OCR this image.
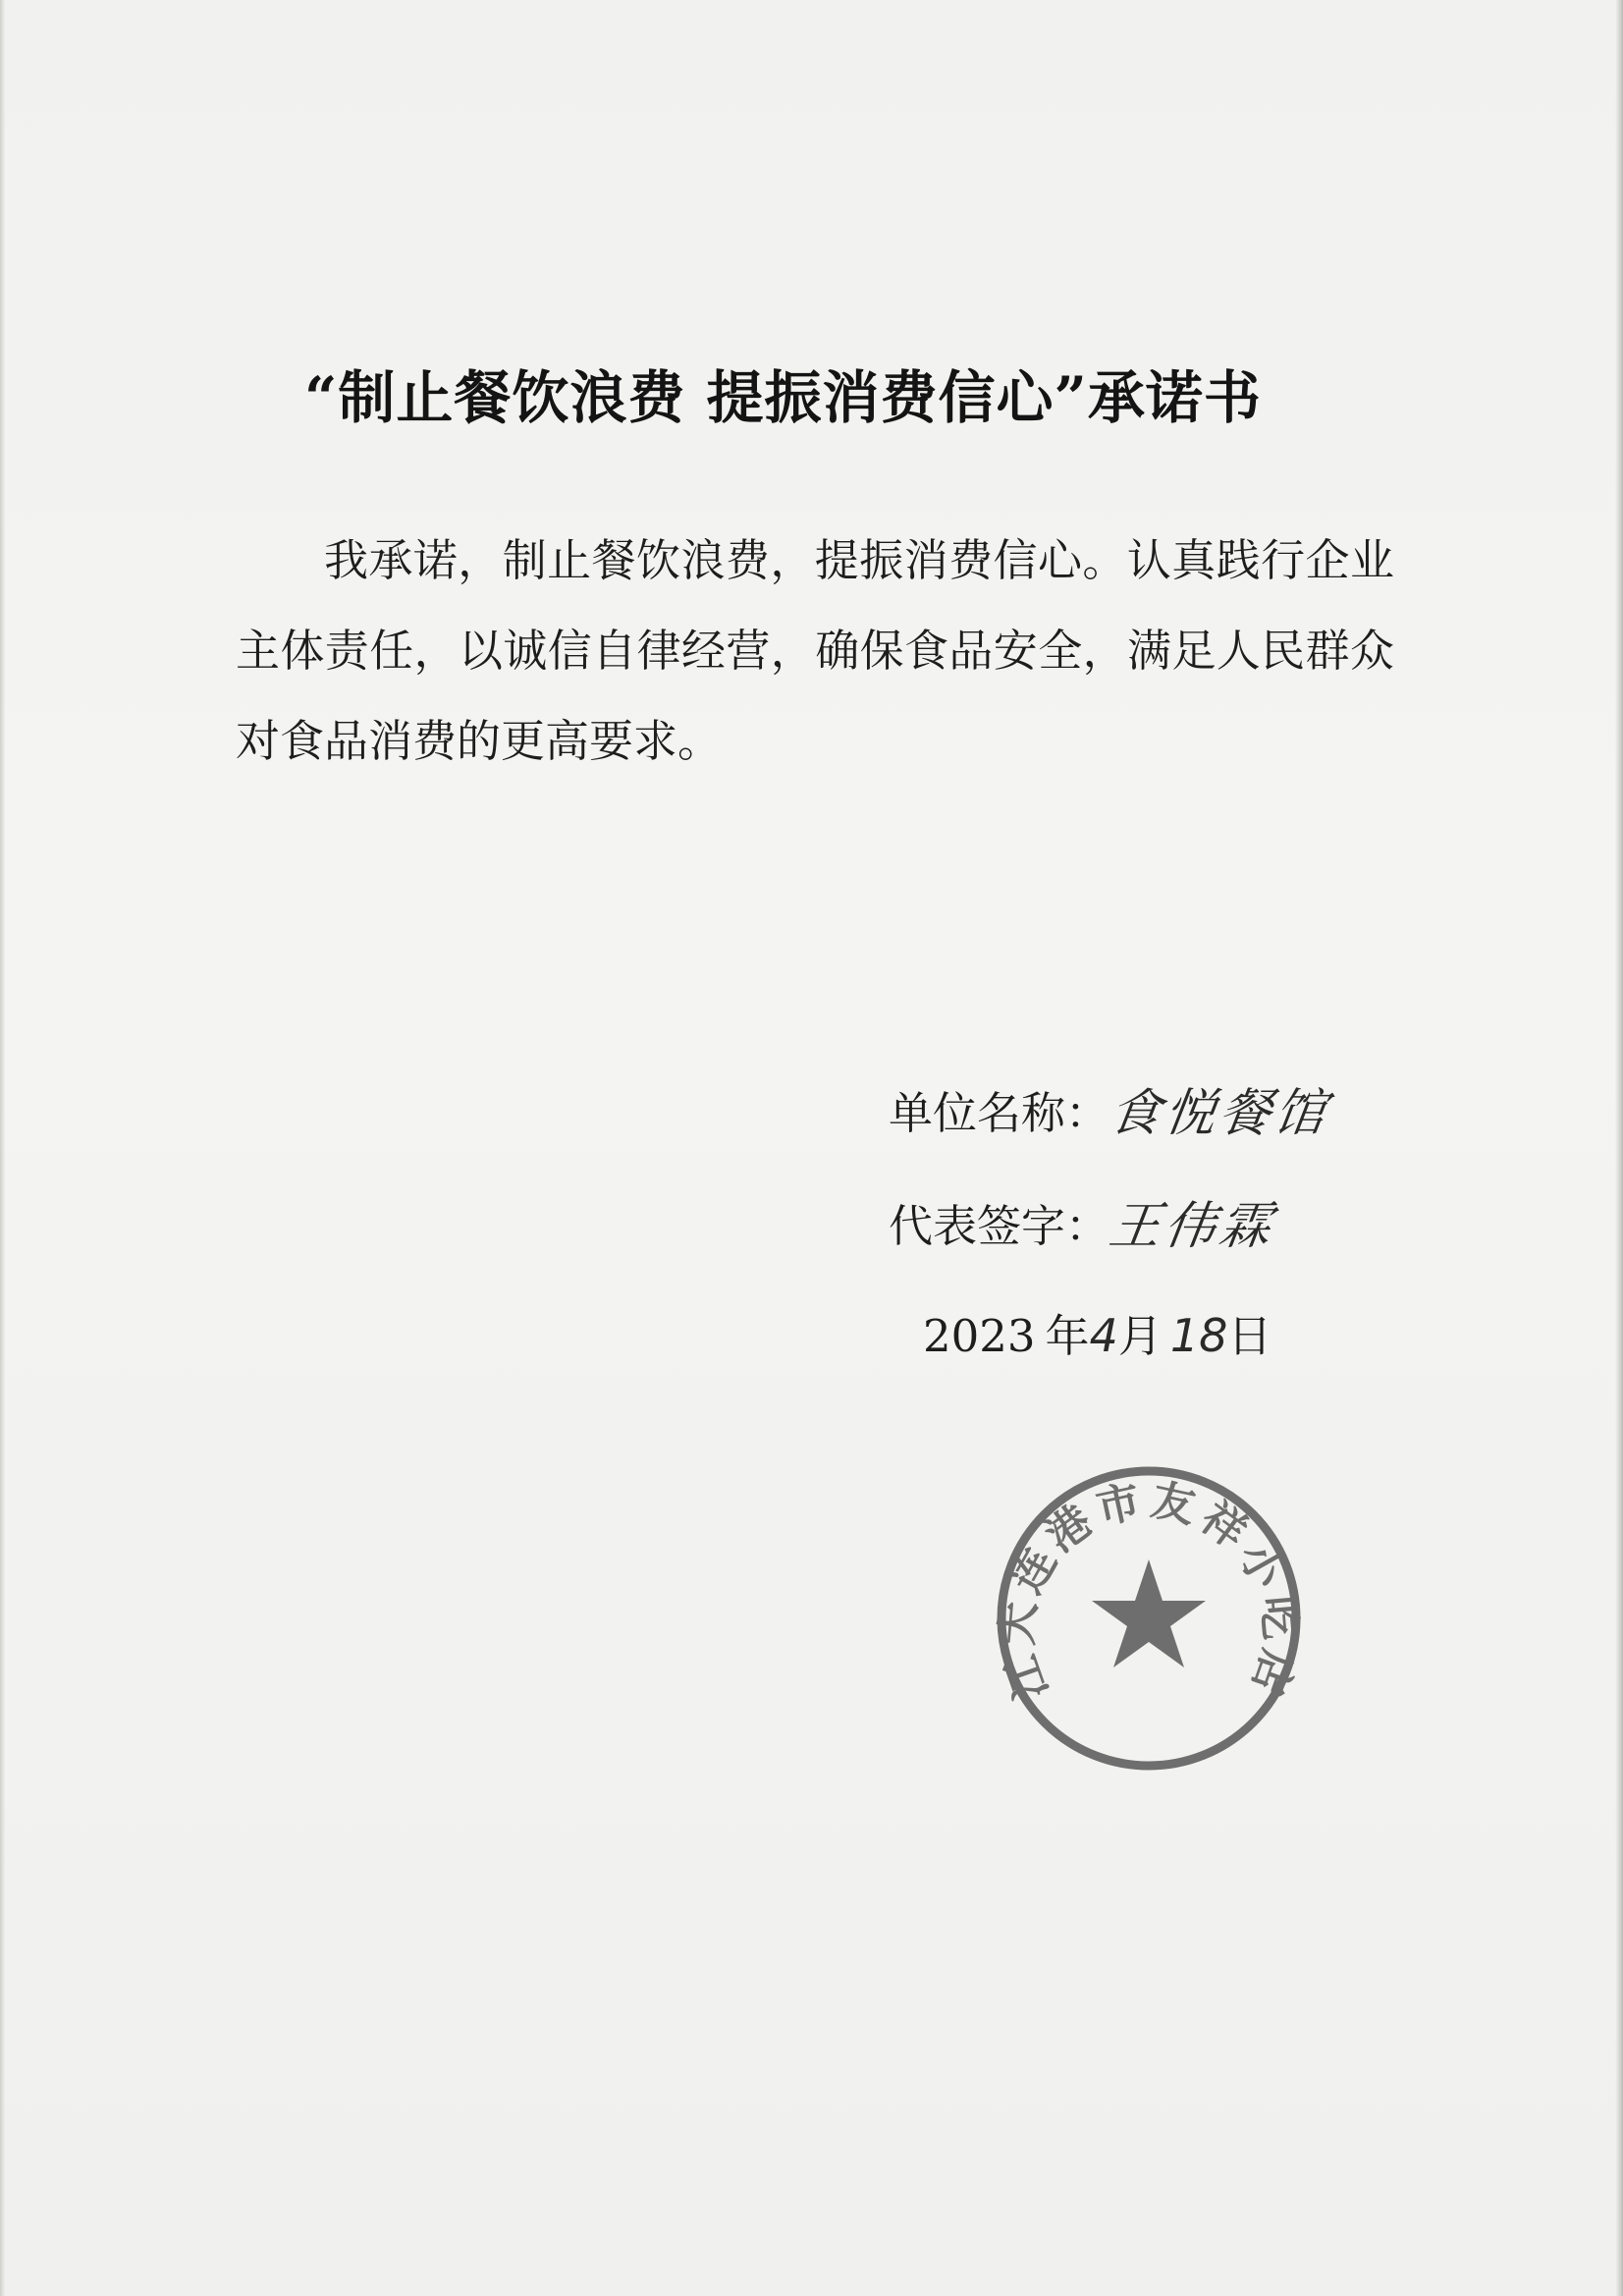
“制止餐饮浪费 提振消费信心”承诺书

我承诺，制止餐饮浪费，提振消费信心。认真践行企业主体责任，以诚信自律经营，确保食品安全，满足人民群众对食品消费的更高要求。

单位名称：食悦餐馆
代表签字：王伟霖
2023 年4月 18日
江大连港市友祥小吃店
